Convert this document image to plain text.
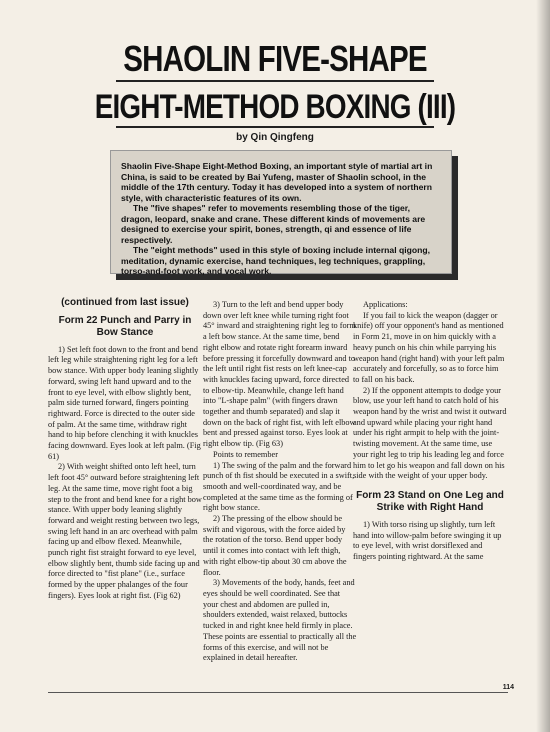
SHAOLIN FIVE-SHAPE
EIGHT-METHOD BOXING (III)
by Qin Qingfeng

Shaolin Five-Shape Eight-Method Boxing, an important style of martial art in China, is said to be created by Bai Yufeng, master of Shaolin school, in the middle of the 17th century. Today it has developed into a system of northern style, with characteristic features of its own.

The "five shapes" refer to movements resembling those of the tiger, dragon, leopard, snake and crane. These different kinds of movements are designed to exercise your spirit, bones, strength, qi and essence of life respectively.

The "eight methods" used in this style of boxing include internal qigong, meditation, dynamic exercise, hand techniques, leg techniques, grappling, torso-and-foot work, and vocal work.

(continued from last issue)
Form 22 Punch and Parry in Bow Stance

1) Set left foot down to the front and bend left leg while straightening right leg for a left bow stance. With upper body leaning slightly forward, swing left hand upward and to the front to eye level, with elbow slightly bent, palm side turned forward, fingers pointing rightward. Force is directed to the outer side of palm. At the same time, withdraw right hand to hip before clenching it with knuckles facing downward. Eyes look at left palm. (Fig 61)

2) With weight shifted onto left heel, turn left foot 45° outward before straightening left leg. At the same time, move right foot a big step to the front and bend knee for a right bow stance. With upper body leaning slightly forward and weight resting between two legs, swing left hand in an arc overhead with palm facing up and elbow flexed. Meanwhile, punch right fist straight forward to eye level, elbow slightly bent, thumb side facing up and force directed to "fist plane" (i.e., surface formed by the upper phalanges of the four fingers). Eyes look at right fist. (Fig 62)

3) Turn to the left and bend upper body down over left knee while turning right foot 45° inward and straightening right leg to form a left bow stance. At the same time, bend right elbow and rotate right forearm inward before pressing it forcefully downward and to the left until right fist rests on left knee-cap with knuckles facing upward, force directed to elbow-tip. Meanwhile, change left hand into "L-shape palm" (with fingers drawn together and thumb separated) and slap it down on the back of right fist, with left elbow bent and pressed against torso. Eyes look at right elbow tip. (Fig 63)

Points to remember

1) The swing of the palm and the forward punch of th fist should be executed in a swift, smooth and well-coordinated way, and be completed at the same time as the forming of right bow stance.

2) The pressing of the elbow should be swift and vigorous, with the force aided by the rotation of the torso. Bend upper body until it comes into contact with left thigh, with right elbow-tip about 30 cm above the floor.

3) Movements of the body, hands, feet and eyes should be well coordinated. See that your chest and abdomen are pulled in, shoulders extended, waist relaxed, buttocks tucked in and right knee held firmly in place. These points are essential to practically all the forms of this exercise, and will not be explained in detail hereafter.

Applications:

If you fail to kick the weapon (dagger or knife) off your opponent's hand as mentioned in Form 21, move in on him quickly with a heavy punch on his chin while parrying his weapon hand (right hand) with your left palm accurately and forcefully, so as to force him to fall on his back.

2) If the opponent attempts to dodge your blow, use your left hand to catch hold of his weapon hand by the wrist and twist it outward and upward while placing your right hand under his right armpit to help with the joint-twisting movement. At the same time, use your right leg to trip his leading leg and force him to let go his weapon and fall down on his side with the weight of your upper body.

Form 23 Stand on One Leg and Strike with Right Hand

1) With torso rising up slightly, turn left hand into willow-palm before swinging it up to eye level, with wrist dorsiflexed and fingers pointing rightward. At the same

114
